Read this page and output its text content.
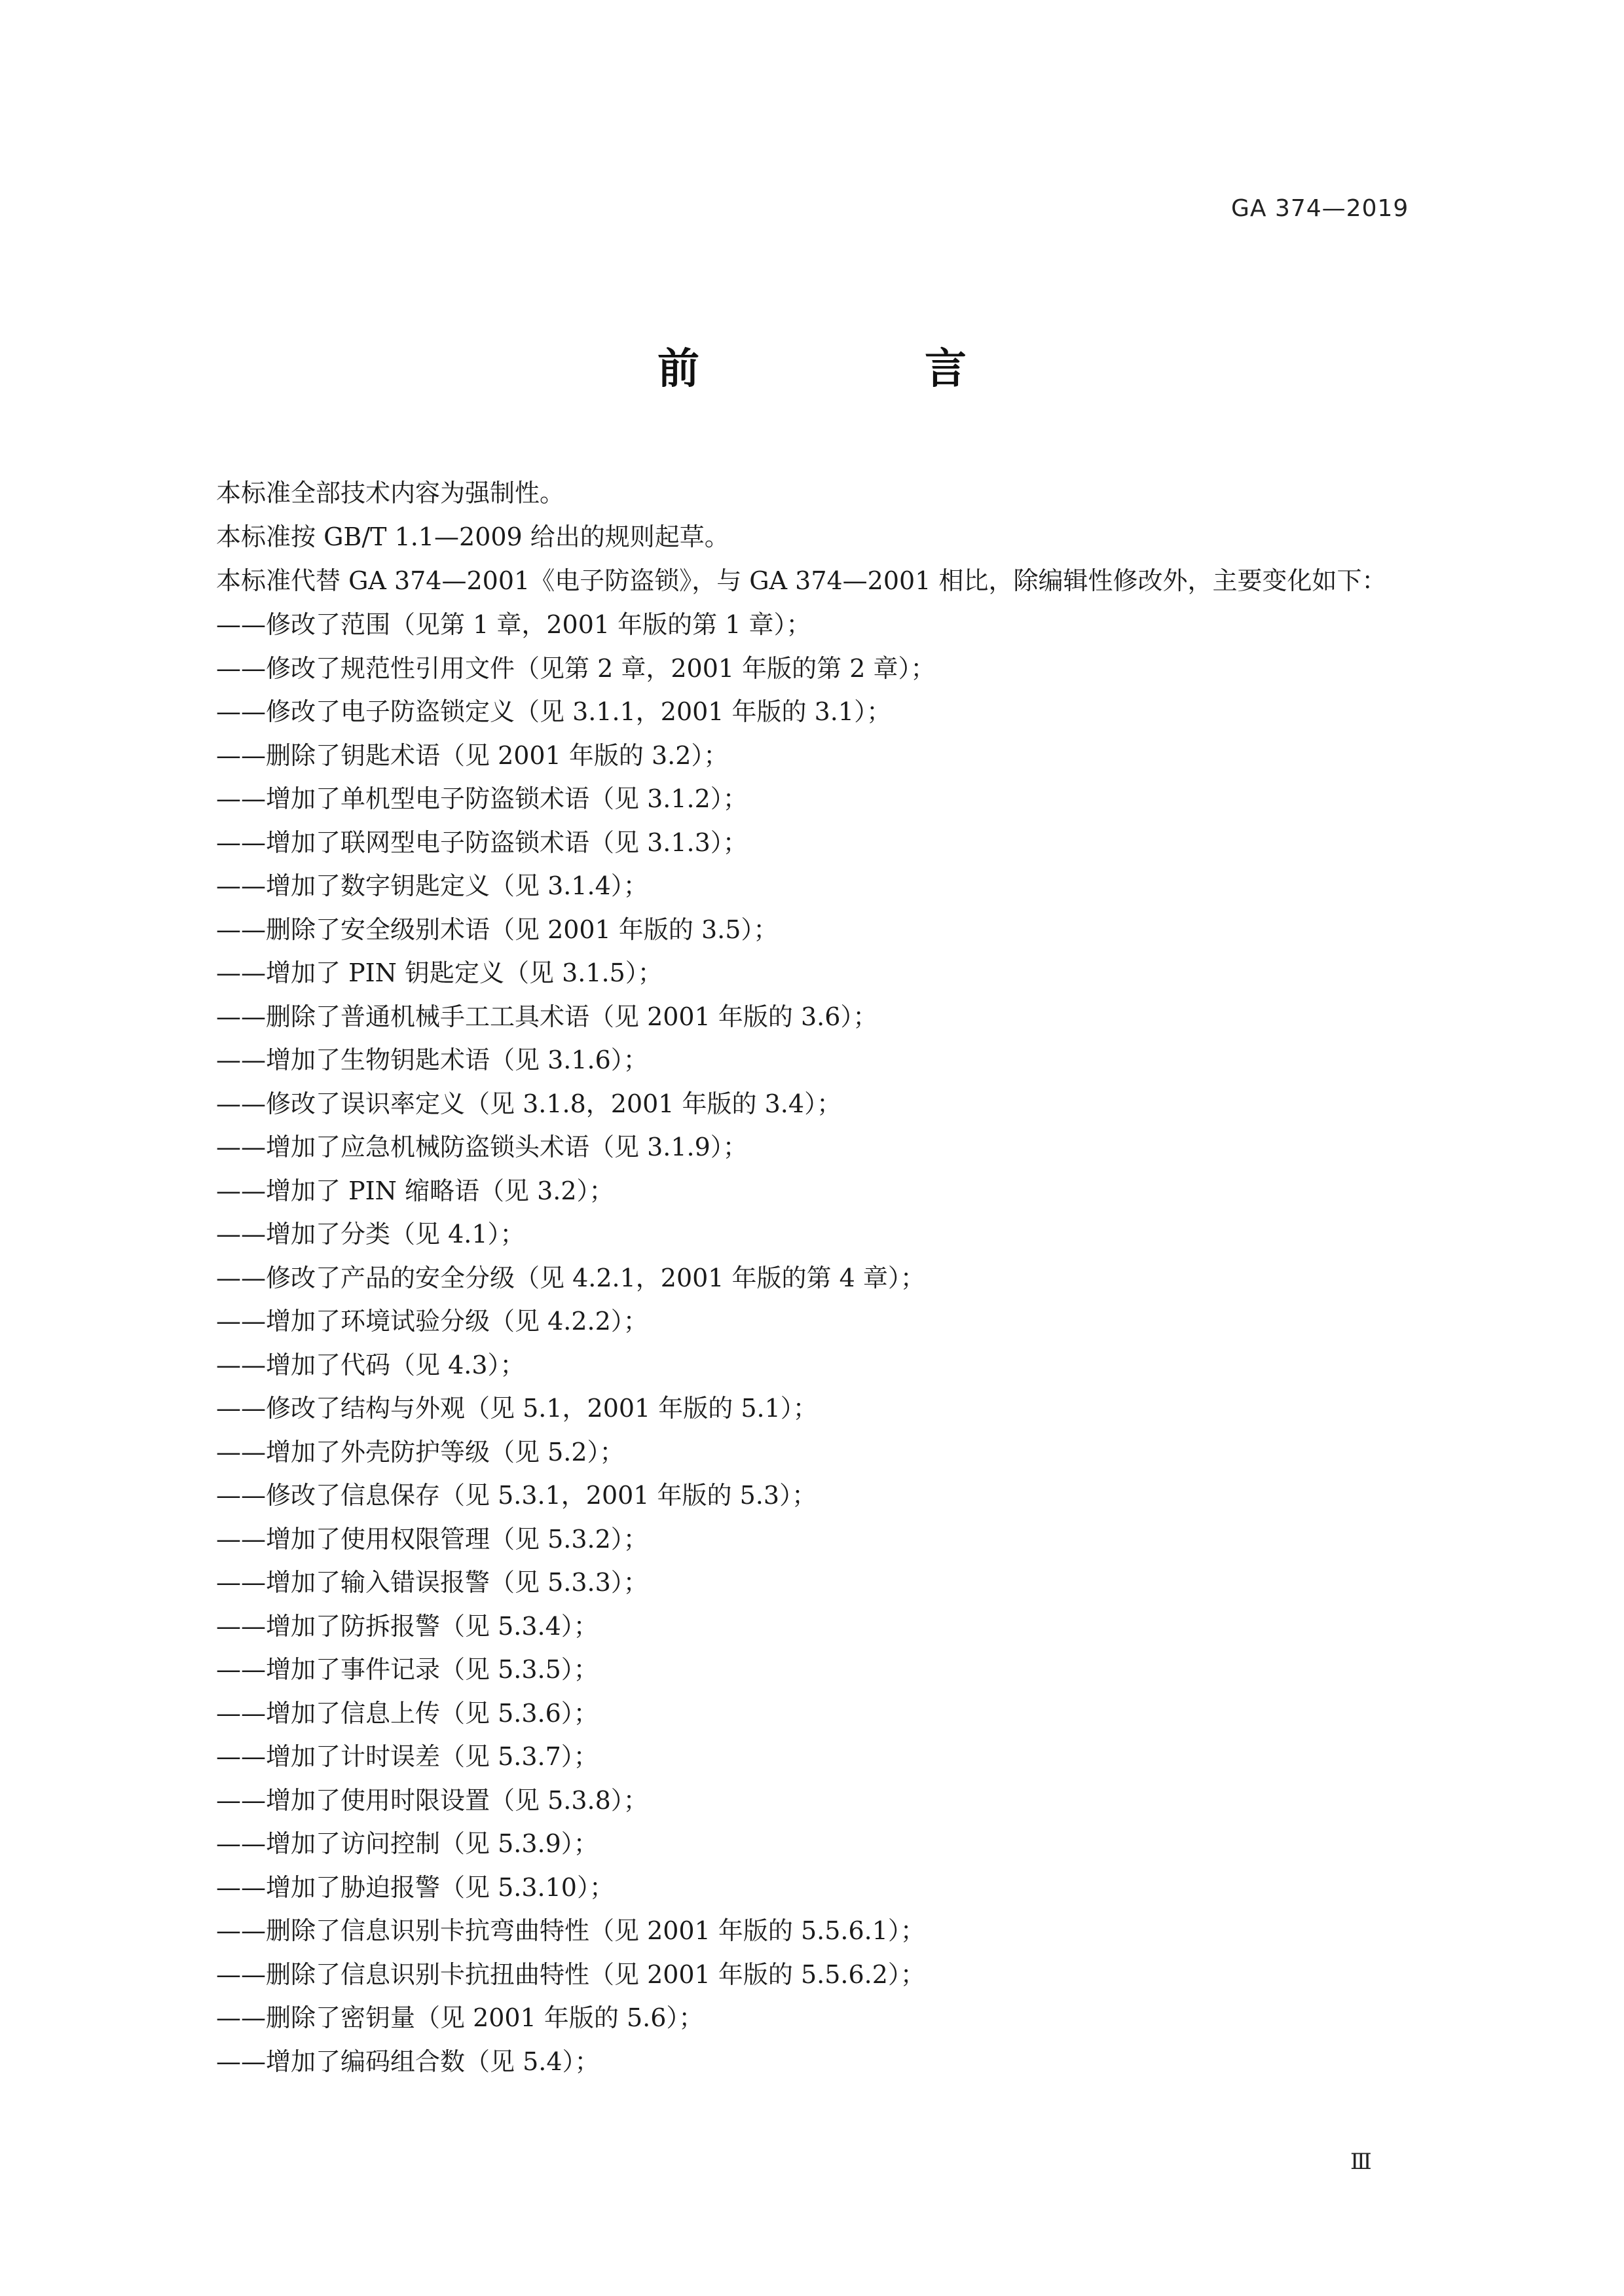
GA 374—2019
前　言
本标准全部技术内容为强制性。
本标准按 GB/T 1.1—2009 给出的规则起草。
本标准代替 GA 374—2001《电子防盗锁》，与 GA 374—2001 相比，除编辑性修改外，主要变化如下：
——修改了范围（见第 1 章，2001 年版的第 1 章）；
——修改了规范性引用文件（见第 2 章，2001 年版的第 2 章）；
——修改了电子防盗锁定义（见 3.1.1，2001 年版的 3.1）；
——删除了钥匙术语（见 2001 年版的 3.2）；
——增加了单机型电子防盗锁术语（见 3.1.2）；
——增加了联网型电子防盗锁术语（见 3.1.3）；
——增加了数字钥匙定义（见 3.1.4）；
——删除了安全级别术语（见 2001 年版的 3.5）；
——增加了 PIN 钥匙定义（见 3.1.5）；
——删除了普通机械手工工具术语（见 2001 年版的 3.6）；
——增加了生物钥匙术语（见 3.1.6）；
——修改了误识率定义（见 3.1.8，2001 年版的 3.4）；
——增加了应急机械防盗锁头术语（见 3.1.9）；
——增加了 PIN 缩略语（见 3.2）；
——增加了分类（见 4.1）；
——修改了产品的安全分级（见 4.2.1，2001 年版的第 4 章）；
——增加了环境试验分级（见 4.2.2）；
——增加了代码（见 4.3）；
——修改了结构与外观（见 5.1，2001 年版的 5.1）；
——增加了外壳防护等级（见 5.2）；
——修改了信息保存（见 5.3.1，2001 年版的 5.3）；
——增加了使用权限管理（见 5.3.2）；
——增加了输入错误报警（见 5.3.3）；
——增加了防拆报警（见 5.3.4）；
——增加了事件记录（见 5.3.5）；
——增加了信息上传（见 5.3.6）；
——增加了计时误差（见 5.3.7）；
——增加了使用时限设置（见 5.3.8）；
——增加了访问控制（见 5.3.9）；
——增加了胁迫报警（见 5.3.10）；
——删除了信息识别卡抗弯曲特性（见 2001 年版的 5.5.6.1）；
——删除了信息识别卡抗扭曲特性（见 2001 年版的 5.5.6.2）；
——删除了密钥量（见 2001 年版的 5.6）；
——增加了编码组合数（见 5.4）；
Ⅲ
